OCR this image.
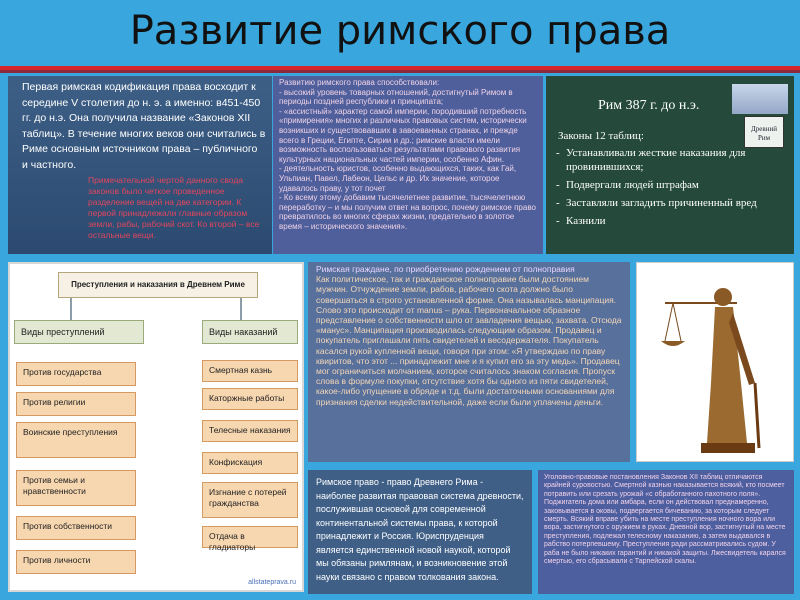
Развитие римского права
Первая римская кодификация права восходит к середине V столетия до н. э. а именно: в451-450 гг. до н.э. Она получила название «Законов XII таблиц». В течение многих веков они считались в Риме основным источником права – публичного и частного.
Примечательной чертой данного свода законов было четкое проведенное разделение вещей на две категории. К первой принадлежали главные образом земли, рабы, рабочий скот. Ко второй – все остальные вещи.
Развитию римского права способствовали:
- высокий уровень товарных отношений, достигнутый Римом в периоды поздней республики и принципата;
- «ассистный» характер самой империи, породивший потребность «примирения» многих и различных правовых систем, исторически возникших и существовавших в завоеванных странах, и прежде всего в Греции, Египте, Сирии и др.; римские власти имели возможность воспользоваться результатами правового развития культурных национальных частей империи, особенно Афин.
- деятельность юристов, особенно выдающихся, таких, как Гай, Ульпиан, Павел, Лабеон, Цельс и др. Их значение, которое удавалось праву, у тот почет
- Ко всему этому добавим тысячелетнее развитие, тысячелетнюю переработку – и мы получим ответ на вопрос, почему римское право превратилось во многих сферах жизни, предательно в золотое время – исторического значения».
Рим 387 г. до н.э.
Древний Рим
Законы 12 таблиц:
- Устанавливали жесткие наказания для провинившихся;
- Подвергали людей штрафам
- Заставляли загладить причиненный вред
- Казнили
Преступления и наказания в Древнем Риме
Виды преступлений	Виды наказаний
Против государства
Против религии
Воинские преступления
Против семьи и нравственности
Против собственности
Против личности
Смертная казнь
Каторжные работы
Телесные наказания
Конфискация
Изгнание с потерей гражданства
Отдача в гладиаторы
allstateprava.ru
Римская граждане, по приобретению рождением от полноправия
Как политическое, так и гражданское полноправие были достоянием мужчин. Отчуждение земли, рабов, рабочего скота должно было совершаться в строго установленной форме. Она называлась манципация. Слово это происходит от manus – рука. Первоначальное образное представление о собственности шло от завладения вещью, захвата. Отсюда «манус». Манципация производилась следующим образом. Продавец и покупатель приглашали пять свидетелей и весодержателя. Покупатель касался рукой купленной вещи, говоря при этом: «Я утверждаю по праву квиритов, что этот ... принадлежит мне и я купил его за эту медь». Продавец мог ограничиться молчанием, которое считалось знаком согласия. Пропуск слова в формуле покупки, отсутствие хотя бы одного из пяти свидетелей, какое-либо упущение в обряде и т.д. были достаточными основаниями для признания сделки недействительной, даже если были уплачены деньги.
Римское право - право Древнего Рима - наиболее развитая правовая система древности, послужившая основой для современной континентальной системы права, к которой принадлежит и Россия. Юриспруденция является единственной новой наукой, которой мы обязаны римлянам, и возникновение этой науки связано с правом толкования закона.
Уголовно-правовые постановления Законов XII таблиц отличаются крайней суровостью. Смертной казнью наказывается всякий, кто посмеет потравить или срезать урожай «с обработанного пахотного поля». Поджигатель дома или амбара, если он действовал преднамеренно, заковывается в оковы, подвергается бичеванию, за которым следует смерть. Всякий вправе убить на месте преступления ночного вора или вора, застигнутого с оружием в руках. Дневной вор, застигнутый на месте преступления, подлежал телесному наказанию, а затем выдавался в рабство потерпевшему. Преступления ради рассматривались судом. У раба не было никаких гарантий и никакой защиты. Лжесвидетель карался смертью, его сбрасывали с Тарпейской скалы.
